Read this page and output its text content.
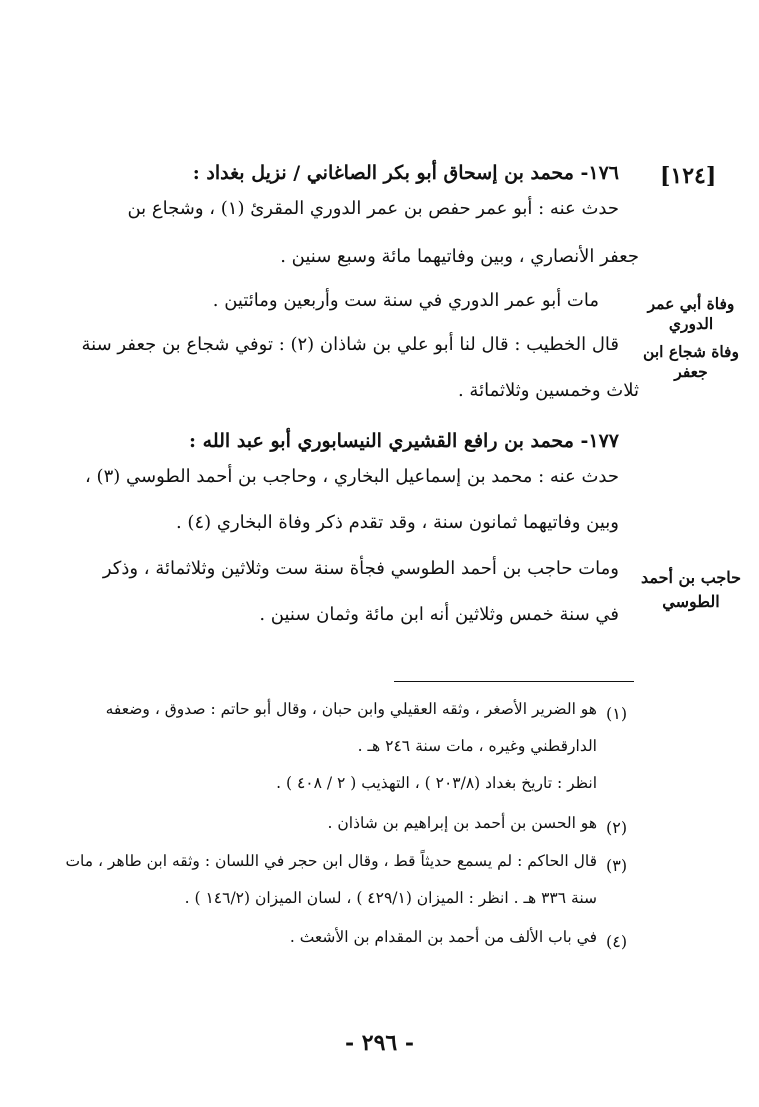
[١٢٤]
١٧٦- محمد بن إسحاق أبو بكر الصاغاني / نزيل بغداد :
حدث عنه : أبو عمر حفص بن عمر الدوري المقرئ (١) ، وشجاع بن
جعفر الأنصاري ، وبين وفاتيهما مائة وسبع سنين .
مات أبو عمر الدوري في سنة ست وأربعين ومائتين .
قال الخطيب : قال لنا أبو علي بن شاذان (٢) : توفي شجاع بن جعفر سنة
ثلاث وخمسين وثلاثمائة .
وفاة أبي عمر الدوري
وفاة شجاع ابن جعفر
١٧٧- محمد بن رافع القشيري النيسابوري أبو عبد الله :
حدث عنه : محمد بن إسماعيل البخاري ، وحاجب بن أحمد الطوسي (٣) ،
وبين وفاتيهما ثمانون سنة ، وقد تقدم ذكر وفاة البخاري (٤) .
ومات حاجب بن أحمد الطوسي فجأة سنة ست وثلاثين وثلاثمائة ، وذكر
في سنة خمس وثلاثين أنه ابن مائة وثمان سنين .
حاجب بن أحمد الطوسي
(١)
هو الضرير الأصغر ، وثقه العقيلي وابن حبان ، وقال أبو حاتم : صدوق ، وضعفه
الدارقطني وغيره ، مات سنة ٢٤٦ هـ .
انظر : تاريخ بغداد (٢٠٣/٨ ) ، التهذيب ( ٢ / ٤٠٨ ) .
(٢)
هو الحسن بن أحمد بن إبراهيم بن شاذان .
(٣)
قال الحاكم : لم يسمع حديثاً قط ، وقال ابن حجر في اللسان : وثقه ابن طاهر ، مات
سنة ٣٣٦ هـ . انظر : الميزان (٤٢٩/١ ) ، لسان الميزان (١٤٦/٢ ) .
(٤)
في باب الألف من أحمد بن المقدام بن الأشعث .
- ٢٩٦ -
